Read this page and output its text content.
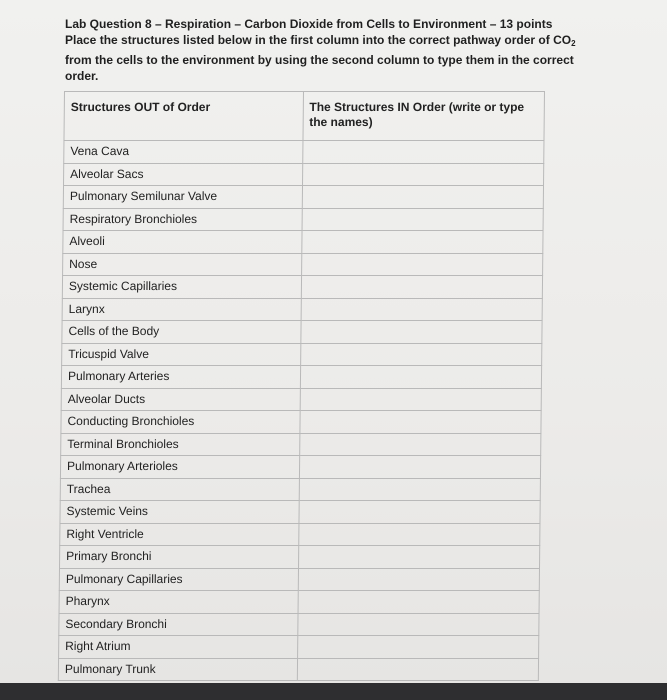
Lab Question 8 – Respiration – Carbon Dioxide from Cells to Environment – 13 points
Place the structures listed below in the first column into the correct pathway order of $CO_2$
from the cells to the environment by using the second column to type them in the correct
order.
Structures OUT of Order	The Structures IN Order (write or type the names)
Vena Cava	
Alveolar Sacs	
Pulmonary Semilunar Valve	
Respiratory Bronchioles	
Alveoli	
Nose	
Systemic Capillaries	
Larynx	
Cells of the Body	
Tricuspid Valve	
Pulmonary Arteries	
Alveolar Ducts	
Conducting Bronchioles	
Terminal Bronchioles	
Pulmonary Arterioles	
Trachea	
Systemic Veins	
Right Ventricle	
Primary Bronchi	
Pulmonary Capillaries	
Pharynx	
Secondary Bronchi	
Right Atrium	
Pulmonary Trunk	
